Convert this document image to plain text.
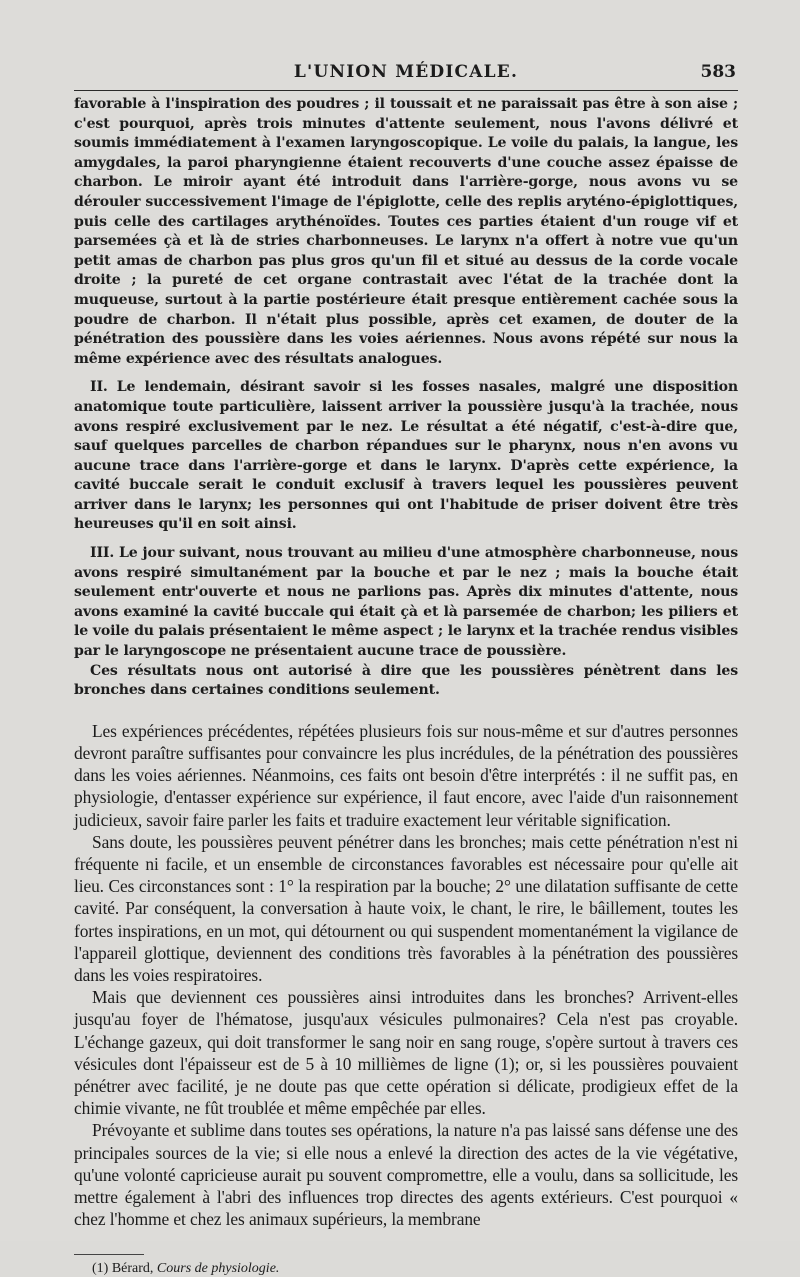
L'UNION MÉDICALE.	583

favorable à l'inspiration des poudres ; il toussait et ne paraissait pas être à son aise ; c'est pourquoi, après trois minutes d'attente seulement, nous l'avons délivré et soumis immédiatement à l'examen laryngoscopique. Le voile du palais, la langue, les amygdales, la paroi pharyngienne étaient recouverts d'une couche assez épaisse de charbon. Le miroir ayant été introduit dans l'arrière-gorge, nous avons vu se dérouler successivement l'image de l'épiglotte, celle des replis aryténo-épiglottiques, puis celle des cartilages arythénoïdes. Toutes ces parties étaient d'un rouge vif et parsemées çà et là de stries charbonneuses. Le larynx n'a offert à notre vue qu'un petit amas de charbon pas plus gros qu'un fil et situé au dessus de la corde vocale droite ; la pureté de cet organe contrastait avec l'état de la trachée dont la muqueuse, surtout à la partie postérieure était presque entièrement cachée sous la poudre de charbon. Il n'était plus possible, après cet examen, de douter de la pénétration des poussière dans les voies aériennes. Nous avons répété sur nous la même expérience avec des résultats analogues.

II. Le lendemain, désirant savoir si les fosses nasales, malgré une disposition anatomique toute particulière, laissent arriver la poussière jusqu'à la trachée, nous avons respiré exclusivement par le nez. Le résultat a été négatif, c'est-à-dire que, sauf quelques parcelles de charbon répandues sur le pharynx, nous n'en avons vu aucune trace dans l'arrière-gorge et dans le larynx. D'après cette expérience, la cavité buccale serait le conduit exclusif à travers lequel les poussières peuvent arriver dans le larynx; les personnes qui ont l'habitude de priser doivent être très heureuses qu'il en soit ainsi.

III. Le jour suivant, nous trouvant au milieu d'une atmosphère charbonneuse, nous avons respiré simultanément par la bouche et par le nez ; mais la bouche était seulement entr'ouverte et nous ne parlions pas. Après dix minutes d'attente, nous avons examiné la cavité buccale qui était çà et là parsemée de charbon; les piliers et le voile du palais présentaient le même aspect ; le larynx et la trachée rendus visibles par le laryngoscope ne présentaient aucune trace de poussière.

Ces résultats nous ont autorisé à dire que les poussières pénètrent dans les bronches dans certaines conditions seulement.

Les expériences précédentes, répétées plusieurs fois sur nous-même et sur d'autres personnes devront paraître suffisantes pour convaincre les plus incrédules, de la pénétration des poussières dans les voies aériennes. Néanmoins, ces faits ont besoin d'être interprétés : il ne suffit pas, en physiologie, d'entasser expérience sur expérience, il faut encore, avec l'aide d'un raisonnement judicieux, savoir faire parler les faits et traduire exactement leur véritable signification.

Sans doute, les poussières peuvent pénétrer dans les bronches; mais cette pénétration n'est ni fréquente ni facile, et un ensemble de circonstances favorables est nécessaire pour qu'elle ait lieu. Ces circonstances sont : 1° la respiration par la bouche; 2° une dilatation suffisante de cette cavité. Par conséquent, la conversation à haute voix, le chant, le rire, le bâillement, toutes les fortes inspirations, en un mot, qui détournent ou qui suspendent momentanément la vigilance de l'appareil glottique, deviennent des conditions très favorables à la pénétration des poussières dans les voies respiratoires.

Mais que deviennent ces poussières ainsi introduites dans les bronches? Arrivent-elles jusqu'au foyer de l'hématose, jusqu'aux vésicules pulmonaires? Cela n'est pas croyable. L'échange gazeux, qui doit transformer le sang noir en sang rouge, s'opère surtout à travers ces vésicules dont l'épaisseur est de 5 à 10 millièmes de ligne (1); or, si les poussières pouvaient pénétrer avec facilité, je ne doute pas que cette opération si délicate, prodigieux effet de la chimie vivante, ne fût troublée et même empêchée par elles.

Prévoyante et sublime dans toutes ses opérations, la nature n'a pas laissé sans défense une des principales sources de la vie; si elle nous a enlevé la direction des actes de la vie végétative, qu'une volonté capricieuse aurait pu souvent compromettre, elle a voulu, dans sa sollicitude, les mettre également à l'abri des influences trop directes des agents extérieurs. C'est pourquoi « chez l'homme et chez les animaux supérieurs, la membrane

(1) Bérard, Cours de physiologie.
